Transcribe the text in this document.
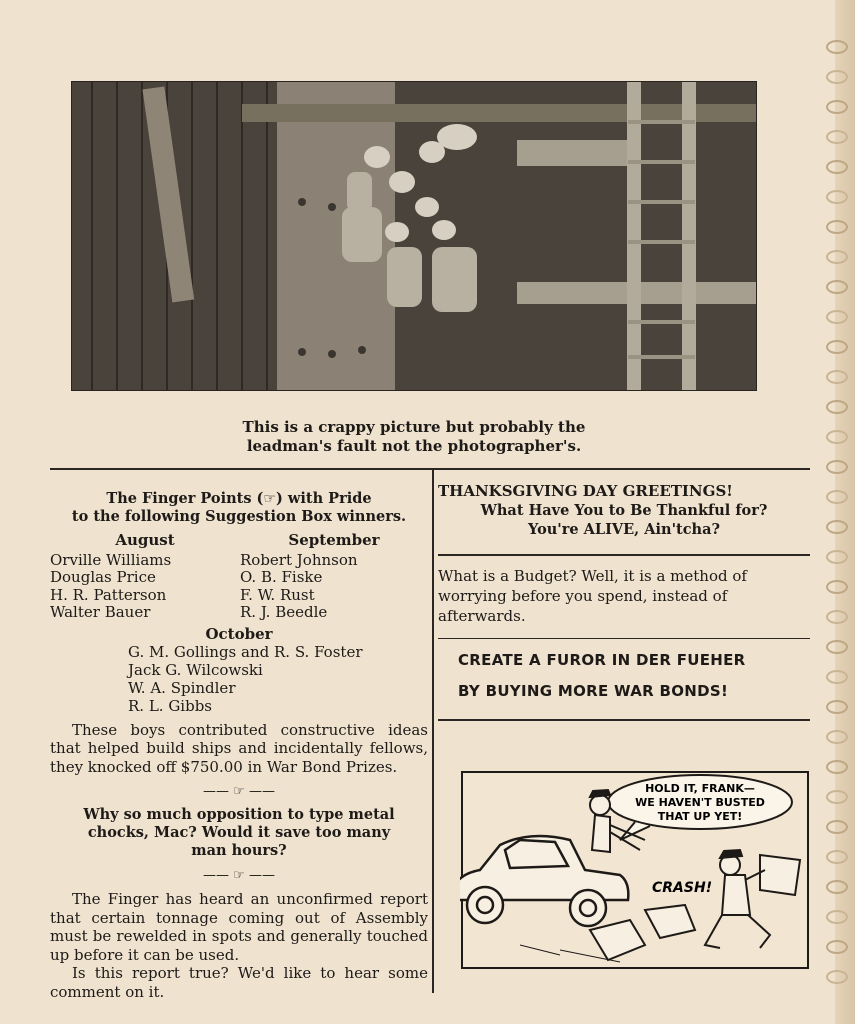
This is a crappy picture but probably the
leadman's fault not the photographer's.
The Finger Points (☞) with Pride
to the following Suggestion Box winners.
August
Orville Williams
Douglas Price
H. R. Patterson
Walter Bauer
September
Robert Johnson
O. B. Fiske
F. W. Rust
R. J. Beedle
October
G. M. Gollings and R. S. Foster
Jack G. Wilcowski
W. A. Spindler
R. L. Gibbs
These boys contributed constructive ideas that helped build ships and incidentally fellows, they knocked off $750.00 in War Bond Prizes.
—— ☞ ——
Why so much opposition to type metal
chocks, Mac? Would it save too many
man hours?
—— ☞ ——
The Finger has heard an unconfirmed report that certain tonnage coming out of Assembly must be rewelded in spots and generally touched up before it can be used.
Is this report true? We'd like to hear some comment on it.
THANKSGIVING DAY GREETINGS!
What Have You to Be Thankful for?
You're ALIVE, Ain'tcha?
What is a Budget? Well, it is a method of worrying before you spend, instead of afterwards.
CREATE A FUROR IN DER FUEHER
BY BUYING MORE WAR BONDS!
HOLD IT, FRANK—
WE HAVEN'T BUSTED
THAT UP YET!
CRASH!
